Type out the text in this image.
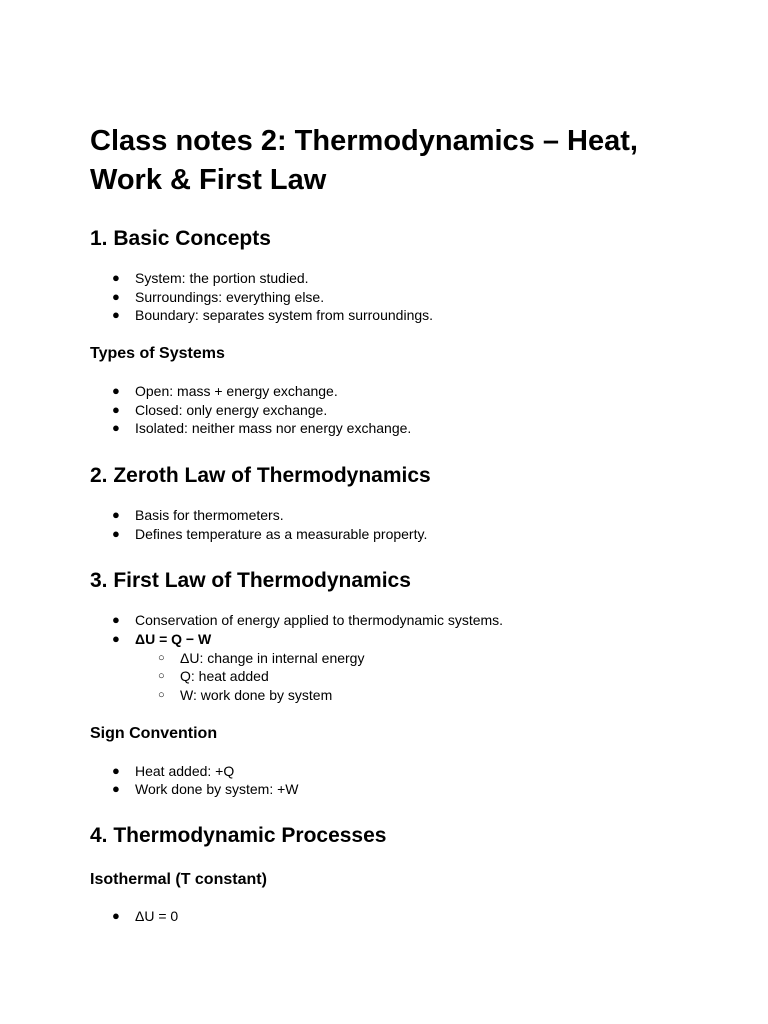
Class notes 2: Thermodynamics – Heat,
Work & First Law
1. Basic Concepts
● System: the portion studied.
● Surroundings: everything else.
● Boundary: separates system from surroundings.
Types of Systems
● Open: mass + energy exchange.
● Closed: only energy exchange.
● Isolated: neither mass nor energy exchange.
2. Zeroth Law of Thermodynamics
● Basis for thermometers.
● Defines temperature as a measurable property.
3. First Law of Thermodynamics
● Conservation of energy applied to thermodynamic systems.
● ΔU = Q − W
○ ΔU: change in internal energy
○ Q: heat added
○ W: work done by system
Sign Convention
● Heat added: +Q
● Work done by system: +W
4. Thermodynamic Processes
Isothermal (T constant)
● ΔU = 0
